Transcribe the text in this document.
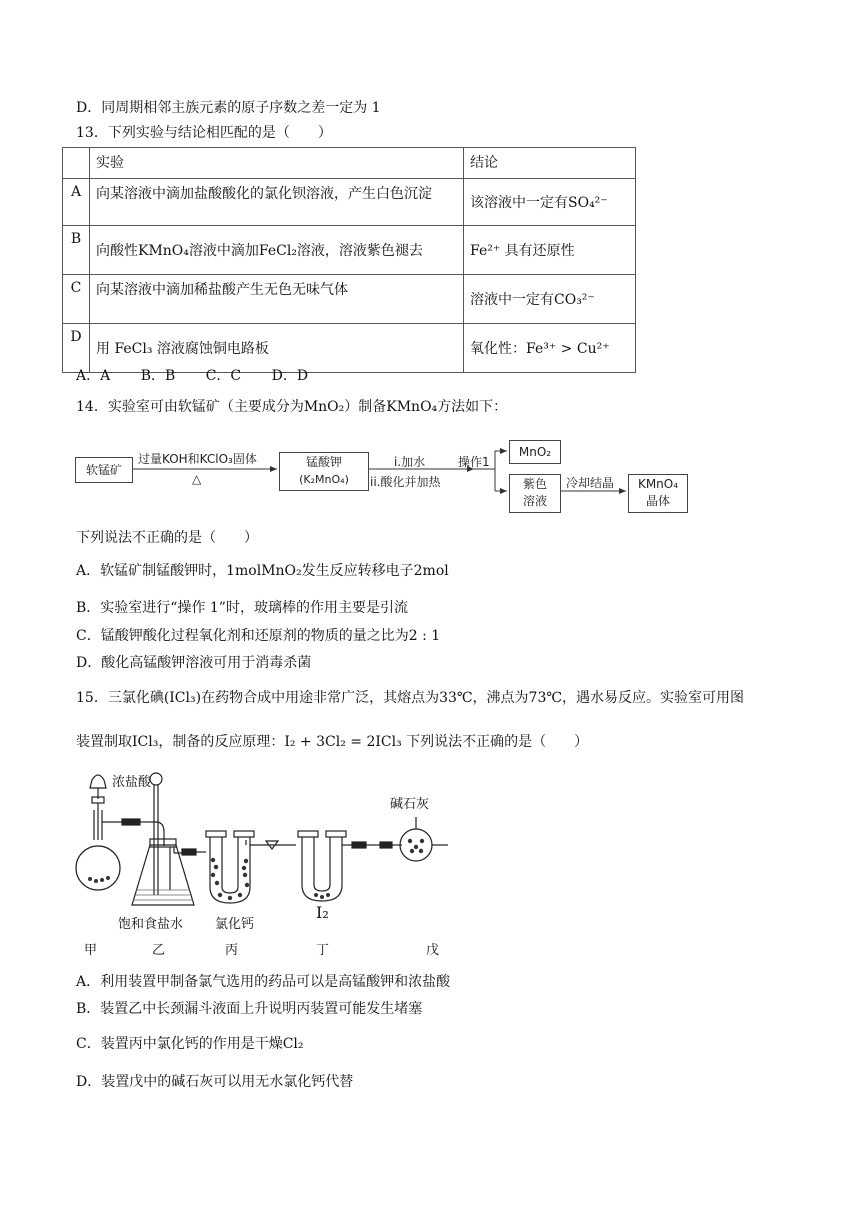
D．同周期相邻主族元素的原子序数之差一定为 1
13．下列实验与结论相匹配的是（　　）
	实验	结论
A	向某溶液中滴加盐酸酸化的氯化钡溶液，产生白色沉淀	该溶液中一定有SO₄²⁻
B	向酸性KMnO₄溶液中滴加FeCl₂溶液，溶液紫色褪去	Fe²⁺ 具有还原性
C	向某溶液中滴加稀盐酸产生无色无味气体	溶液中一定有CO₃²⁻
D	用 FeCl₃ 溶液腐蚀铜电路板	氧化性：Fe³⁺ > Cu²⁺
A．A B．B C．C D．D
14．实验室可由软锰矿（主要成分为MnO₂）制备KMnO₄方法如下：
软锰矿
过量KOH和KClO₃固体
△
锰酸钾
(K₂MnO₄)
i.加水
ii.酸化并加热
操作1
MnO₂
紫色
溶液
冷却结晶	KMnO₄
晶体
下列说法不正确的是（　　）
A．软锰矿制锰酸钾时，1molMnO₂发生反应转移电子2mol
B．实验室进行“操作 1”时，玻璃棒的作用主要是引流
C．锰酸钾酸化过程氧化剂和还原剂的物质的量之比为2 : 1
D．酸化高锰酸钾溶液可用于消毒杀菌
15．三氯化碘(ICl₃)在药物合成中用途非常广泛，其熔点为33℃，沸点为73℃，遇水易反应。实验室可用图
装置制取ICl₃，制备的反应原理：I₂ + 3Cl₂ = 2ICl₃ 下列说法不正确的是（　　）
浓盐酸
碱石灰
饱和食盐水 氯化钙
I₂
甲	乙	丙	丁	戊
A．利用装置甲制备氯气选用的药品可以是高锰酸钾和浓盐酸
B．装置乙中长颈漏斗液面上升说明丙装置可能发生堵塞
C．装置丙中氯化钙的作用是干燥Cl₂
D．装置戊中的碱石灰可以用无水氯化钙代替
